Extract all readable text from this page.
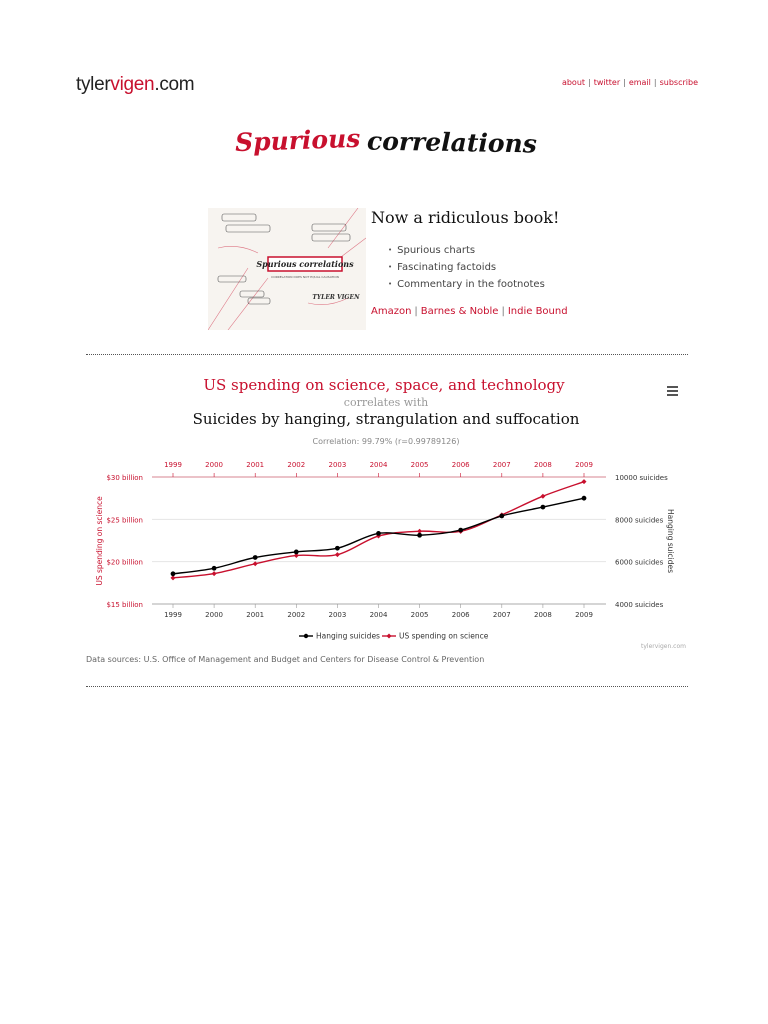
tylervigen.com	about | twitter | email | subscribe
Spurious correlations
Spurious correlations
CORRELATION DOES NOT EQUAL CAUSATION
TYLER VIGEN
Now a ridiculous book!
• Spurious charts
• Fascinating factoids
• Commentary in the footnotes
Amazon | Barnes & Noble | Indie Bound
US spending on science, space, and technology
correlates with
Suicides by hanging, strangulation and suffocation
Correlation: 99.79% (r=0.99789126)
$15 billion
$20 billion
$25 billion
$30 billion
4000 suicides
6000 suicides
8000 suicides
10000 suicides
1999
1999
2000
2000
2001
2001
2002
2002
2003
2003
2004
2004
2005
2005
2006
2006
2007
2007
2008
2008
2009
2009
US spending on science	Hanging suicides
Hanging suicides	US spending on science
tylervigen.com
Data sources: U.S. Office of Management and Budget and Centers for Disease Control & Prevention
